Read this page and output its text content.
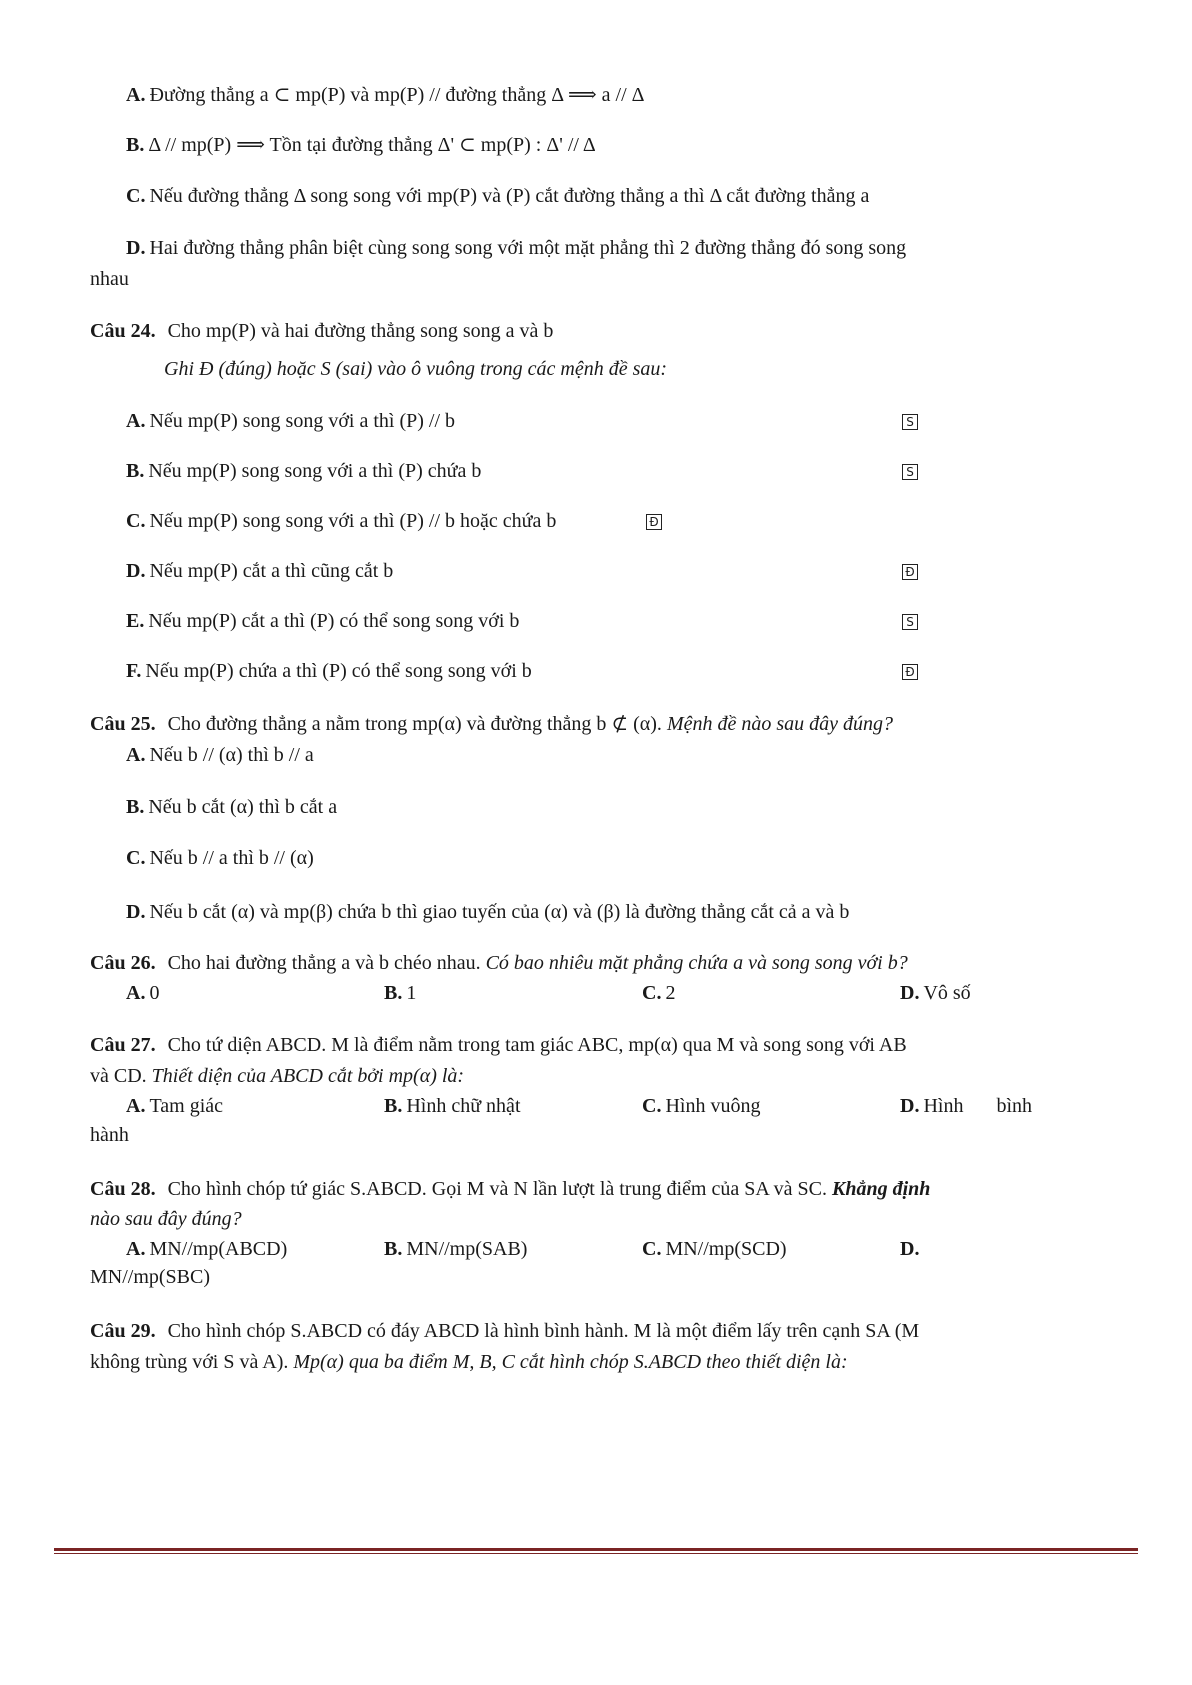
A. Đường thẳng a ⊂ mp(P) và mp(P) // đường thẳng Δ ⟹ a // Δ
B. Δ // mp(P) ⟹ Tồn tại đường thẳng Δ' ⊂ mp(P) : Δ' // Δ
C. Nếu đường thẳng Δ song song với mp(P) và (P) cắt đường thẳng a thì Δ cắt đường thẳng a
D. Hai đường thẳng phân biệt cùng song song với một mặt phẳng thì 2 đường thẳng đó song song
nhau
Câu 24. Cho mp(P) và hai đường thẳng song song a và b
Ghi Đ (đúng) hoặc S (sai) vào ô vuông trong các mệnh đề sau:
A. Nếu mp(P) song song với a thì (P) // b	S
B. Nếu mp(P) song song với a thì (P) chứa b	S
C. Nếu mp(P) song song với a thì (P) // b hoặc chứa b	Đ
D. Nếu mp(P) cắt a thì cũng cắt b	Đ
E. Nếu mp(P) cắt a thì (P) có thể song song với b	S
F. Nếu mp(P) chứa a thì (P) có thể song song với b	Đ
Câu 25. Cho đường thẳng a nằm trong mp(α) và đường thẳng b ⊄ (α). Mệnh đề nào sau đây đúng?
A. Nếu b // (α) thì b // a
B. Nếu b cắt (α) thì b cắt a
C. Nếu b // a thì b // (α)
D. Nếu b cắt (α) và mp(β) chứa b thì giao tuyến của (α) và (β) là đường thẳng cắt cả a và b
Câu 26. Cho hai đường thẳng a và b chéo nhau. Có bao nhiêu mặt phẳng chứa a và song song với b?
A. 0	B. 1	C. 2	D. Vô số
Câu 27. Cho tứ diện ABCD. M là điểm nằm trong tam giác ABC, mp(α) qua M và song song với AB
và CD. Thiết diện của ABCD cắt bởi mp(α) là:
A. Tam giác	B. Hình chữ nhật	C. Hình vuông	D. Hình bình
hành
Câu 28. Cho hình chóp tứ giác S.ABCD. Gọi M và N lần lượt là trung điểm của SA và SC. Khẳng định
nào sau đây đúng?
A. MN//mp(ABCD)	B. MN//mp(SAB)	C. MN//mp(SCD)	D.
MN//mp(SBC)
Câu 29. Cho hình chóp S.ABCD có đáy ABCD là hình bình hành. M là một điểm lấy trên cạnh SA (M
không trùng với S và A). Mp(α) qua ba điểm M, B, C cắt hình chóp S.ABCD theo thiết diện là:
